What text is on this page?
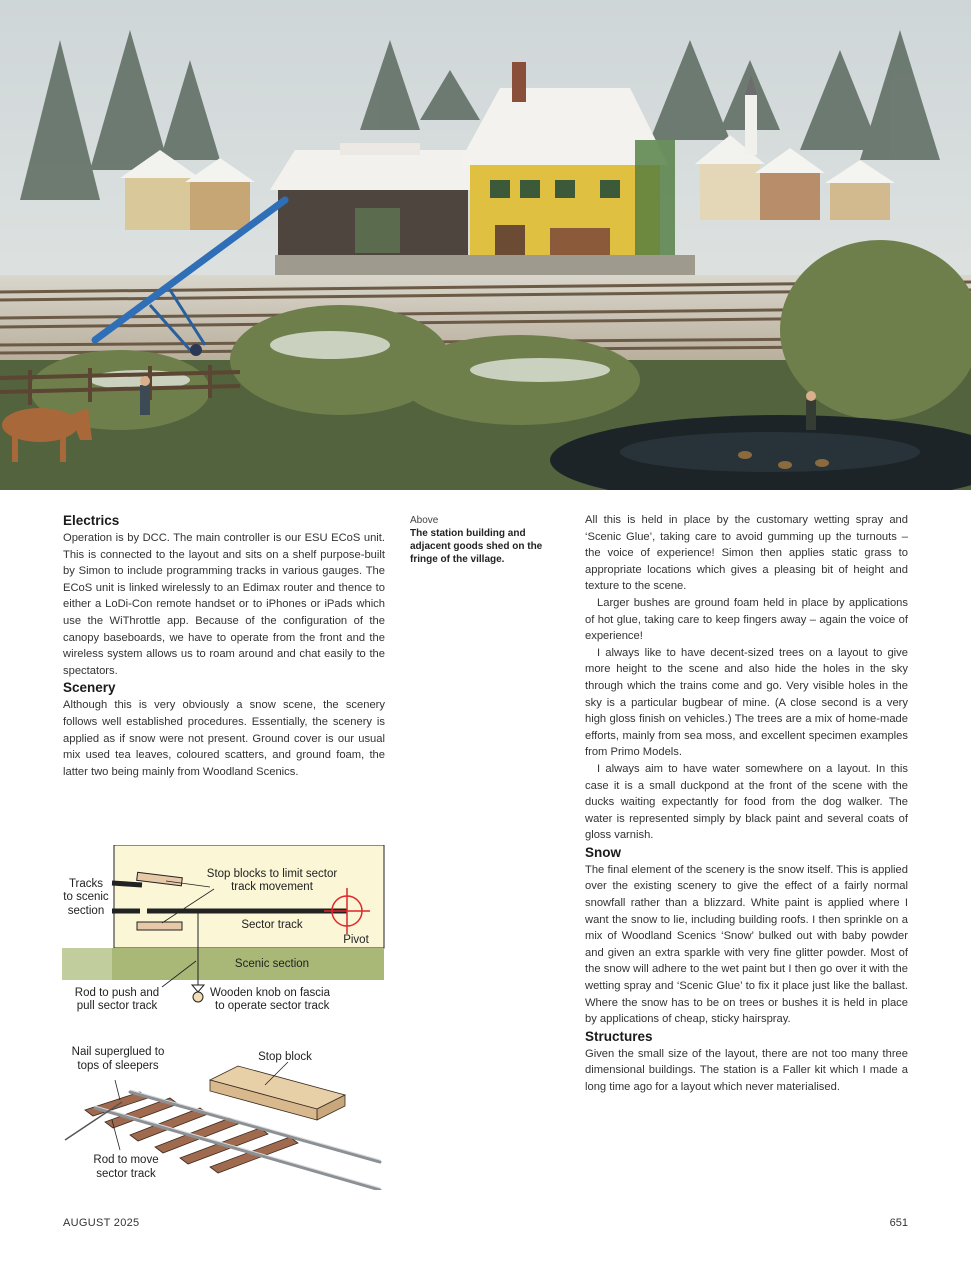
Electrics

Operation is by DCC. The main controller is our ESU ECoS unit. This is connected to the layout and sits on a shelf purpose-built by Simon to include programming tracks in various gauges. The ECoS unit is linked wirelessly to an Edimax router and thence to either a LoDi-Con remote handset or to iPhones or iPads which use the WiThrottle app. Because of the configuration of the canopy baseboards, we have to operate from the front and the wireless system allows us to roam around and chat easily to the spectators.

Scenery

Although this is very obviously a snow scene, the scenery follows well established procedures. Essentially, the scenery is applied as if snow were not present. Ground cover is our usual mix used tea leaves, coloured scatters, and ground foam, the latter two being mainly from Woodland Scenics.

Above
The station building and adjacent goods shed on the fringe of the village.

All this is held in place by the customary wetting spray and ‘Scenic Glue’, taking care to avoid gumming up the turnouts – the voice of experience! Simon then applies static grass to appropriate locations which gives a pleasing bit of height and texture to the scene.

Larger bushes are ground foam held in place by applications of hot glue, taking care to keep fingers away – again the voice of experience!

I always like to have decent-sized trees on a layout to give more height to the scene and also hide the holes in the sky through which the trains come and go. Very visible holes in the sky is a particular bugbear of mine. (A close second is a very high gloss finish on vehicles.) The trees are a mix of home-made efforts, mainly from sea moss, and excellent specimen examples from Primo Models.

I always aim to have water somewhere on a layout. In this case it is a small duckpond at the front of the scene with the ducks waiting expectantly for food from the dog walker. The water is represented simply by black paint and several coats of gloss varnish.

Snow

The final element of the scenery is the snow itself. This is applied over the existing scenery to give the effect of a fairly normal snowfall rather than a blizzard. White paint is applied where I want the snow to lie, including building roofs. I then sprinkle on a mix of Woodland Scenics ‘Snow’ bulked out with baby powder and given an extra sparkle with very fine glitter powder. Most of the snow will adhere to the wet paint but I then go over it with the wetting spray and ‘Scenic Glue’ to fix it place just like the ballast. Where the snow has to be on trees or bushes it is held in place by applications of cheap, sticky hairspray.

Structures

Given the small size of the layout, there are not too many three dimensional buildings. The station is a Faller kit which I made a long time ago for a layout which never materialised.

Tracks
to scenic
section
Stop blocks to limit sector
track movement
Sector track
Pivot
Scenic section
Rod to push and
pull sector track
Wooden knob on fascia
to operate sector track
Nail superglued to
tops of sleepers
Stop block
Rod to move
sector track
AUGUST 2025	651
